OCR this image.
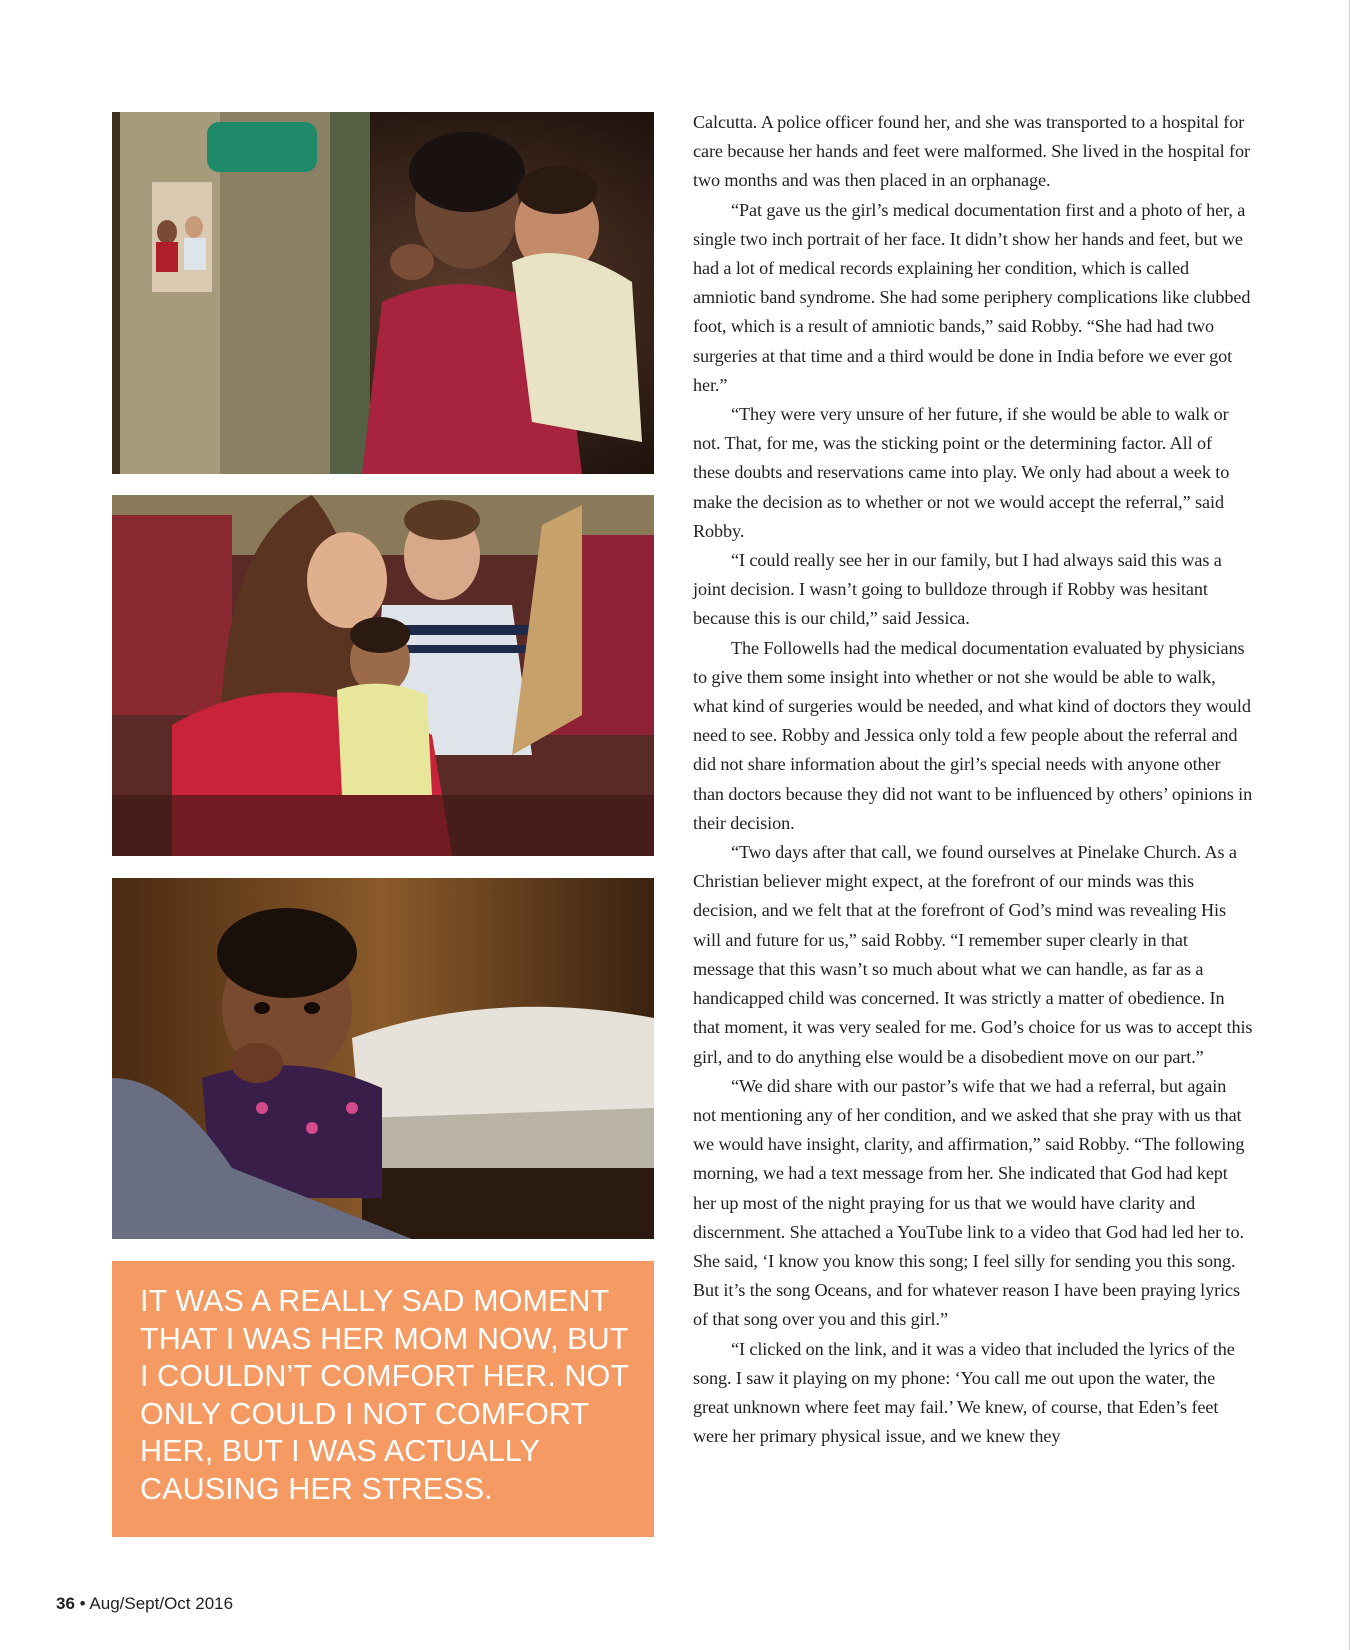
IT WAS A REALLY SAD MOMENT THAT I WAS HER MOM NOW, BUT I COULDN’T COMFORT HER. NOT ONLY COULD I NOT COMFORT HER, BUT I WAS ACTUALLY CAUSING HER STRESS.

Calcutta. A police officer found her, and she was transported to a hospital for care because her hands and feet were malformed. She lived in the hospital for two months and was then placed in an orphanage.

“Pat gave us the girl’s medical documentation first and a photo of her, a single two inch portrait of her face. It didn’t show her hands and feet, but we had a lot of medical records explaining her condition, which is called amniotic band syndrome. She had some periphery complications like clubbed foot, which is a result of amniotic bands,” said Robby. “She had had two surgeries at that time and a third would be done in India before we ever got her.”

“They were very unsure of her future, if she would be able to walk or not. That, for me, was the sticking point or the determining factor. All of these doubts and reservations came into play. We only had about a week to make the decision as to whether or not we would accept the referral,” said Robby.

“I could really see her in our family, but I had always said this was a joint decision. I wasn’t going to bulldoze through if Robby was hesitant because this is our child,” said Jessica.

The Followells had the medical documentation evaluated by physicians to give them some insight into whether or not she would be able to walk, what kind of surgeries would be needed, and what kind of doctors they would need to see. Robby and Jessica only told a few people about the referral and did not share information about the girl’s special needs with anyone other than doctors because they did not want to be influenced by others’ opinions in their decision.

“Two days after that call, we found ourselves at Pinelake Church. As a Christian believer might expect, at the forefront of our minds was this decision, and we felt that at the forefront of God’s mind was revealing His will and future for us,” said Robby. “I remember super clearly in that message that this wasn’t so much about what we can handle, as far as a handicapped child was concerned. It was strictly a matter of obedience. In that moment, it was very sealed for me. God’s choice for us was to accept this girl, and to do anything else would be a disobedient move on our part.”

“We did share with our pastor’s wife that we had a referral, but again not mentioning any of her condition, and we asked that she pray with us that we would have insight, clarity, and affirmation,” said Robby. “The following morning, we had a text message from her. She indicated that God had kept her up most of the night praying for us that we would have clarity and discernment. She attached a YouTube link to a video that God had led her to. She said, ‘I know you know this song; I feel silly for sending you this song. But it’s the song Oceans, and for whatever reason I have been praying lyrics of that song over you and this girl.”

“I clicked on the link, and it was a video that included the lyrics of the song. I saw it playing on my phone: ‘You call me out upon the water, the great unknown where feet may fail.’ We knew, of course, that Eden’s feet were her primary physical issue, and we knew they

36 • Aug/Sept/Oct 2016
